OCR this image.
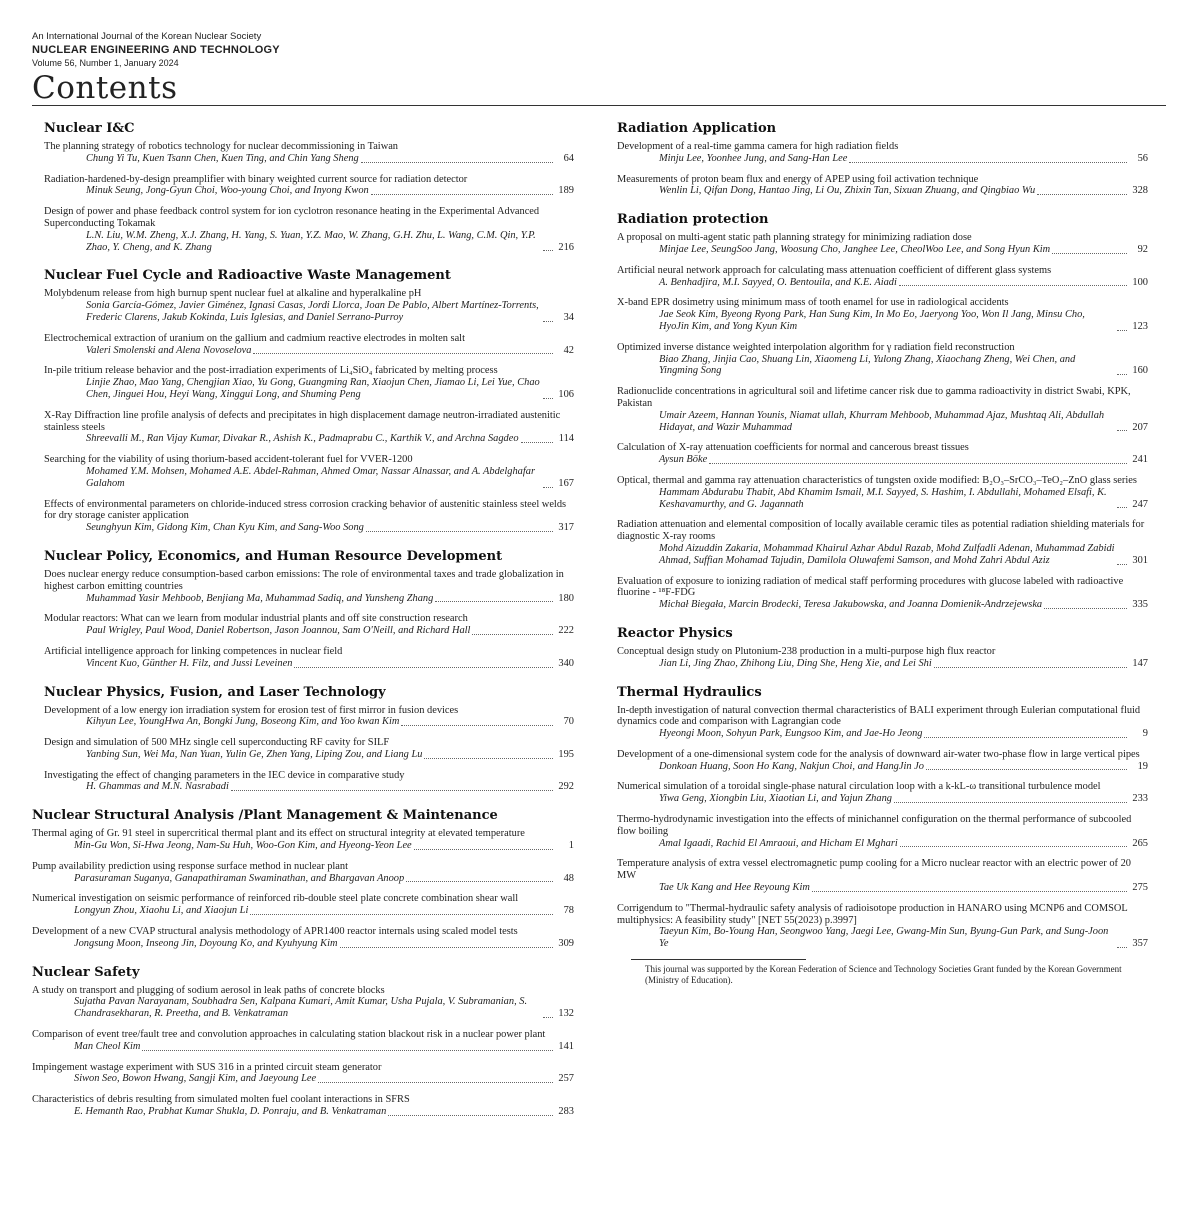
An International Journal of the Korean Nuclear Society
NUCLEAR ENGINEERING AND TECHNOLOGY
Volume 56, Number 1, January 2024
Contents
Nuclear I&C
The planning strategy of robotics technology for nuclear decommissioning in Taiwan
Chung Yi Tu, Kuen Tsann Chen, Kuen Ting, and Chin Yang Sheng	64
Radiation-hardened-by-design preamplifier with binary weighted current source for radiation detector
Minuk Seung, Jong-Gyun Choi, Woo-young Choi, and Inyong Kwon	189
Design of power and phase feedback control system for ion cyclotron resonance heating in the Experimental Advanced Superconducting Tokamak
L.N. Liu, W.M. Zheng, X.J. Zhang, H. Yang, S. Yuan, Y.Z. Mao, W. Zhang, G.H. Zhu, L. Wang, C.M. Qin, Y.P. Zhao, Y. Cheng, and K. Zhang	216
Nuclear Fuel Cycle and Radioactive Waste Management
Molybdenum release from high burnup spent nuclear fuel at alkaline and hyperalkaline pH
Sonia García-Gómez, Javier Giménez, Ignasi Casas, Jordi Llorca, Joan De Pablo, Albert Martínez-Torrents, Frederic Clarens, Jakub Kokinda, Luis Iglesias, and Daniel Serrano-Purroy	34
Electrochemical extraction of uranium on the gallium and cadmium reactive electrodes in molten salt
Valeri Smolenski and Alena Novoselova	42
In-pile tritium release behavior and the post-irradiation experiments of Li₄SiO₄ fabricated by melting process
Linjie Zhao, Mao Yang, Chengjian Xiao, Yu Gong, Guangming Ran, Xiaojun Chen, Jiamao Li, Lei Yue, Chao Chen, Jinguei Hou, Heyi Wang, Xinggui Long, and Shuming Peng	106
X-Ray Diffraction line profile analysis of defects and precipitates in high displacement damage neutron-irradiated austenitic stainless steels
Shreevalli M., Ran Vijay Kumar, Divakar R., Ashish K., Padmaprabu C., Karthik V., and Archna Sagdeo	114
Searching for the viability of using thorium-based accident-tolerant fuel for VVER-1200
Mohamed Y.M. Mohsen, Mohamed A.E. Abdel-Rahman, Ahmed Omar, Nassar Alnassar, and A. Abdelghafar Galahom	167
Effects of environmental parameters on chloride-induced stress corrosion cracking behavior of austenitic stainless steel welds for dry storage canister application
Seunghyun Kim, Gidong Kim, Chan Kyu Kim, and Sang-Woo Song	317
Nuclear Policy, Economics, and Human Resource Development
Does nuclear energy reduce consumption-based carbon emissions: The role of environmental taxes and trade globalization in highest carbon emitting countries
Muhammad Yasir Mehboob, Benjiang Ma, Muhammad Sadiq, and Yunsheng Zhang	180
Modular reactors: What can we learn from modular industrial plants and off site construction research
Paul Wrigley, Paul Wood, Daniel Robertson, Jason Joannou, Sam O'Neill, and Richard Hall	222
Artificial intelligence approach for linking competences in nuclear field
Vincent Kuo, Günther H. Filz, and Jussi Leveinen	340
Nuclear Physics, Fusion, and Laser Technology
Development of a low energy ion irradiation system for erosion test of first mirror in fusion devices
Kihyun Lee, YoungHwa An, Bongki Jung, Boseong Kim, and Yoo kwan Kim	70
Design and simulation of 500 MHz single cell superconducting RF cavity for SILF
Yanbing Sun, Wei Ma, Nan Yuan, Yulin Ge, Zhen Yang, Liping Zou, and Liang Lu	195
Investigating the effect of changing parameters in the IEC device in comparative study
H. Ghammas and M.N. Nasrabadi	292
Nuclear Structural Analysis /Plant Management & Maintenance
Thermal aging of Gr. 91 steel in supercritical thermal plant and its effect on structural integrity at elevated temperature
Min-Gu Won, Si-Hwa Jeong, Nam-Su Huh, Woo-Gon Kim, and Hyeong-Yeon Lee	1
Pump availability prediction using response surface method in nuclear plant
Parasuraman Suganya, Ganapathiraman Swaminathan, and Bhargavan Anoop	48
Numerical investigation on seismic performance of reinforced rib-double steel plate concrete combination shear wall
Longyun Zhou, Xiaohu Li, and Xiaojun Li	78
Development of a new CVAP structural analysis methodology of APR1400 reactor internals using scaled model tests
Jongsung Moon, Inseong Jin, Doyoung Ko, and Kyuhyung Kim	309
Nuclear Safety
A study on transport and plugging of sodium aerosol in leak paths of concrete blocks
Sujatha Pavan Narayanam, Soubhadra Sen, Kalpana Kumari, Amit Kumar, Usha Pujala, V. Subramanian, S. Chandrasekharan, R. Preetha, and B. Venkatraman	132
Comparison of event tree/fault tree and convolution approaches in calculating station blackout risk in a nuclear power plant
Man Cheol Kim	141
Impingement wastage experiment with SUS 316 in a printed circuit steam generator
Siwon Seo, Bowon Hwang, Sangji Kim, and Jaeyoung Lee	257
Characteristics of debris resulting from simulated molten fuel coolant interactions in SFRS
E. Hemanth Rao, Prabhat Kumar Shukla, D. Ponraju, and B. Venkatraman	283
Radiation Application
Development of a real-time gamma camera for high radiation fields
Minju Lee, Yoonhee Jung, and Sang-Han Lee	56
Measurements of proton beam flux and energy of APEP using foil activation technique
Wenlin Li, Qifan Dong, Hantao Jing, Li Ou, Zhixin Tan, Sixuan Zhuang, and Qingbiao Wu	328
Radiation protection
A proposal on multi-agent static path planning strategy for minimizing radiation dose
Minjae Lee, SeungSoo Jang, Woosung Cho, Janghee Lee, CheolWoo Lee, and Song Hyun Kim	92
Artificial neural network approach for calculating mass attenuation coefficient of different glass systems
A. Benhadjira, M.I. Sayyed, O. Bentouila, and K.E. Aiadi	100
X-band EPR dosimetry using minimum mass of tooth enamel for use in radiological accidents
Jae Seok Kim, Byeong Ryong Park, Han Sung Kim, In Mo Eo, Jaeryong Yoo, Won Il Jang, Minsu Cho, HyoJin Kim, and Yong Kyun Kim	123
Optimized inverse distance weighted interpolation algorithm for γ radiation field reconstruction
Biao Zhang, Jinjia Cao, Shuang Lin, Xiaomeng Li, Yulong Zhang, Xiaochang Zheng, Wei Chen, and Yingming Song	160
Radionuclide concentrations in agricultural soil and lifetime cancer risk due to gamma radioactivity in district Swabi, KPK, Pakistan
Umair Azeem, Hannan Younis, Niamat ullah, Khurram Mehboob, Muhammad Ajaz, Mushtaq Ali, Abdullah Hidayat, and Wazir Muhammad	207
Calculation of X-ray attenuation coefficients for normal and cancerous breast tissues
Aysun Böke	241
Optical, thermal and gamma ray attenuation characteristics of tungsten oxide modified: B₂O₃–SrCO₃–TeO₂–ZnO glass series
Hammam Abdurabu Thabit, Abd Khamim Ismail, M.I. Sayyed, S. Hashim, I. Abdullahi, Mohamed Elsafi, K. Keshavamurthy, and G. Jagannath	247
Radiation attenuation and elemental composition of locally available ceramic tiles as potential radiation shielding materials for diagnostic X-ray rooms
Mohd Aizuddin Zakaria, Mohammad Khairul Azhar Abdul Razab, Mohd Zulfadli Adenan, Muhammad Zabidi Ahmad, Suffian Mohamad Tajudin, Damilola Oluwafemi Samson, and Mohd Zahri Abdul Aziz	301
Evaluation of exposure to ionizing radiation of medical staff performing procedures with glucose labeled with radioactive fluorine - ¹⁸F-FDG
Michał Biegała, Marcin Brodecki, Teresa Jakubowska, and Joanna Domienik-Andrzejewska	335
Reactor Physics
Conceptual design study on Plutonium-238 production in a multi-purpose high flux reactor
Jian Li, Jing Zhao, Zhihong Liu, Ding She, Heng Xie, and Lei Shi	147
Thermal Hydraulics
In-depth investigation of natural convection thermal characteristics of BALI experiment through Eulerian computational fluid dynamics code and comparison with Lagrangian code
Hyeongi Moon, Sohyun Park, Eungsoo Kim, and Jae-Ho Jeong	9
Development of a one-dimensional system code for the analysis of downward air-water two-phase flow in large vertical pipes
Donkoan Huang, Soon Ho Kang, Nakjun Choi, and HangJin Jo	19
Numerical simulation of a toroidal single-phase natural circulation loop with a k-kL-ω transitional turbulence model
Yiwa Geng, Xiongbin Liu, Xiaotian Li, and Yajun Zhang	233
Thermo-hydrodynamic investigation into the effects of minichannel configuration on the thermal performance of subcooled flow boiling
Amal Igaadi, Rachid El Amraoui, and Hicham El Mghari	265
Temperature analysis of extra vessel electromagnetic pump cooling for a Micro nuclear reactor with an electric power of 20 MW
Tae Uk Kang and Hee Reyoung Kim	275
Corrigendum to "Thermal-hydraulic safety analysis of radioisotope production in HANARO using MCNP6 and COMSOL multiphysics: A feasibility study" [NET 55(2023) p.3997]
Taeyun Kim, Bo-Young Han, Seongwoo Yang, Jaegi Lee, Gwang-Min Sun, Byung-Gun Park, and Sung-Joon Ye	357
This journal was supported by the Korean Federation of Science and Technology Societies Grant funded by the Korean Government (Ministry of Education).
